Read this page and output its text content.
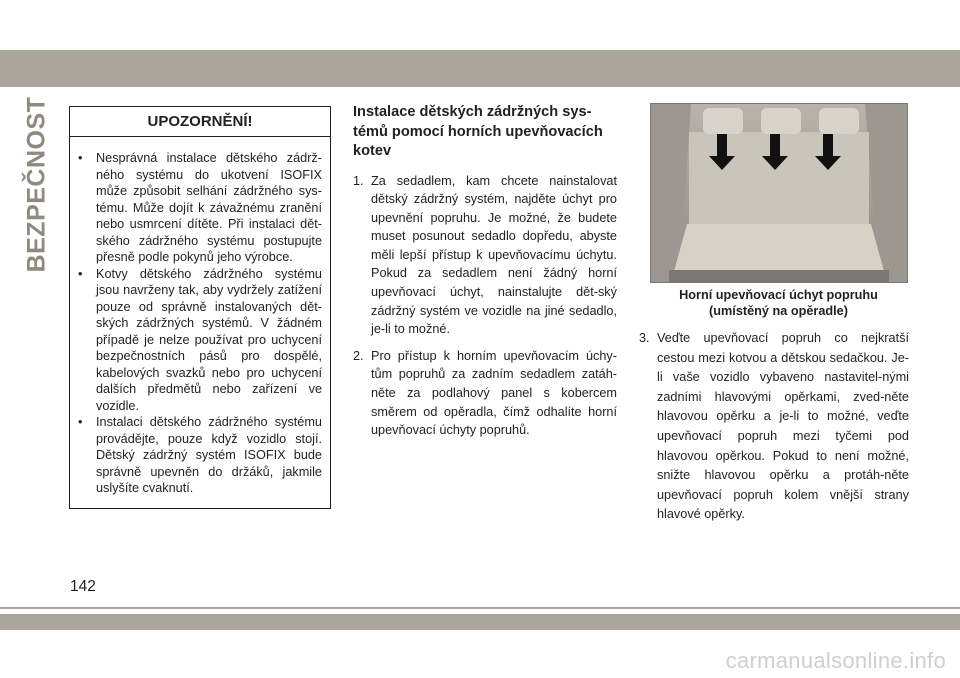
BEZPEČNOST	UPOZORNĚNÍ!
• Nesprávná instalace dětského zádrž-ného systému do ukotvení ISOFIX může způsobit selhání zádržného sys-tému. Může dojít k závažnému zranění nebo usmrcení dítěte. Při instalaci dět-ského zádržného systému postupujte přesně podle pokynů jeho výrobce.
• Kotvy dětského zádržného systému jsou navrženy tak, aby vydržely zatížení pouze od správně instalovaných dět-ských zádržných systémů. V žádném případě je nelze používat pro uchycení bezpečnostních pásů pro dospělé, kabelových svazků nebo pro uchycení dalších předmětů nebo zařízení ve vozidle.
• Instalaci dětského zádržného systému provádějte, pouze když vozidlo stojí. Dětský zádržný systém ISOFIX bude správně upevněn do držáků, jakmile uslyšíte cvaknutí.
Instalace dětských zádržných sys-témů pomocí horních upevňovacích kotev
1. Za sedadlem, kam chcete nainstalovat dětský zádržný systém, najděte úchyt pro upevnění popruhu. Je možné, že budete muset posunout sedadlo dopředu, abyste měli lepší přístup k upevňovacímu úchytu. Pokud za sedadlem není žádný horní upevňovací úchyt, nainstalujte dět-ský zádržný systém ve vozidle na jiné sedadlo, je-li to možné.
2. Pro přístup k horním upevňovacím úchy-tům popruhů za zadním sedadlem zatáh-něte za podlahový panel s kobercem směrem od opěradla, čímž odhalíte horní upevňovací úchyty popruhů.
Horní upevňovací úchyt popruhu
(umístěný na opěradle)
3. Veďte upevňovací popruh co nejkratší cestou mezi kotvou a dětskou sedačkou. Je-li vaše vozidlo vybaveno nastavitel-nými zadními hlavovými opěrkami, zved-něte hlavovou opěrku a je-li to možné, veďte upevňovací popruh mezi tyčemi pod hlavovou opěrkou. Pokud to není možné, snižte hlavovou opěrku a protáh-něte upevňovací popruh kolem vnější strany hlavové opěrky.
142
carmanualsonline.info
